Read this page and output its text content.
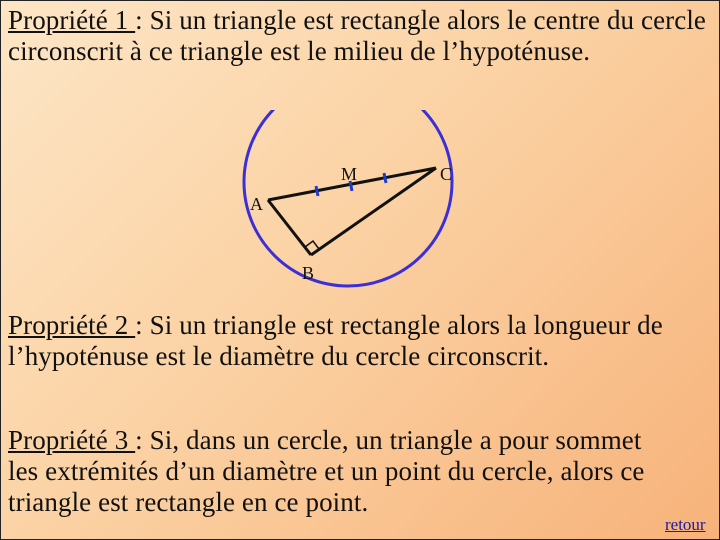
Propriété 1 : Si un triangle est rectangle alors le centre du cercle circonscrit à ce triangle est le milieu de l’hypoténuse.

M	C
A
B

Propriété 2 : Si un triangle est rectangle alors la longueur de l’hypoténuse est le diamètre du cercle circonscrit.

Propriété 3 : Si, dans un cercle, un triangle a pour sommet les extrémités d’un diamètre et un point du cercle, alors ce triangle est rectangle en ce point.

retour
